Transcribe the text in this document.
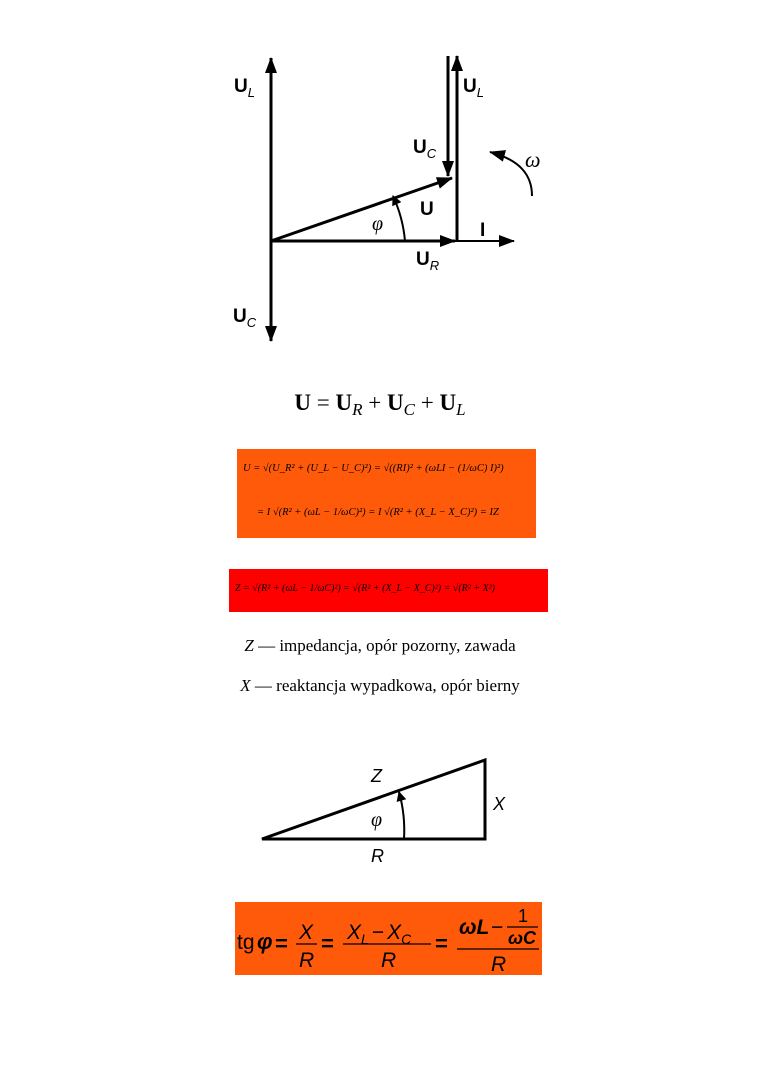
$U_L$	$U_L$
$U_C$
$U_C$
U
$U_R$
I
φ
ω
$U = U_R + U_C + U_L$
U = √(U_R² + (U_L − U_C)²) = √((RI)² + (ωLI − (1/ωC) I)²)
= I √(R² + (ωL − 1/ωC)²) = I √(R² + (X_L − X_C)²) = IZ
Z = √(R² + (ωL − 1/ωC)²) = √(R² + (X_L − X_C)²) = √(R² + X²)
Z — impedancja, opór pozorny, zawada
X — reaktancja wypadkowa, opór bierny
Z
X
R
φ
tg φ = X
R
= $X_L - X_C$
R
=
ωL − 1
ωC
R
